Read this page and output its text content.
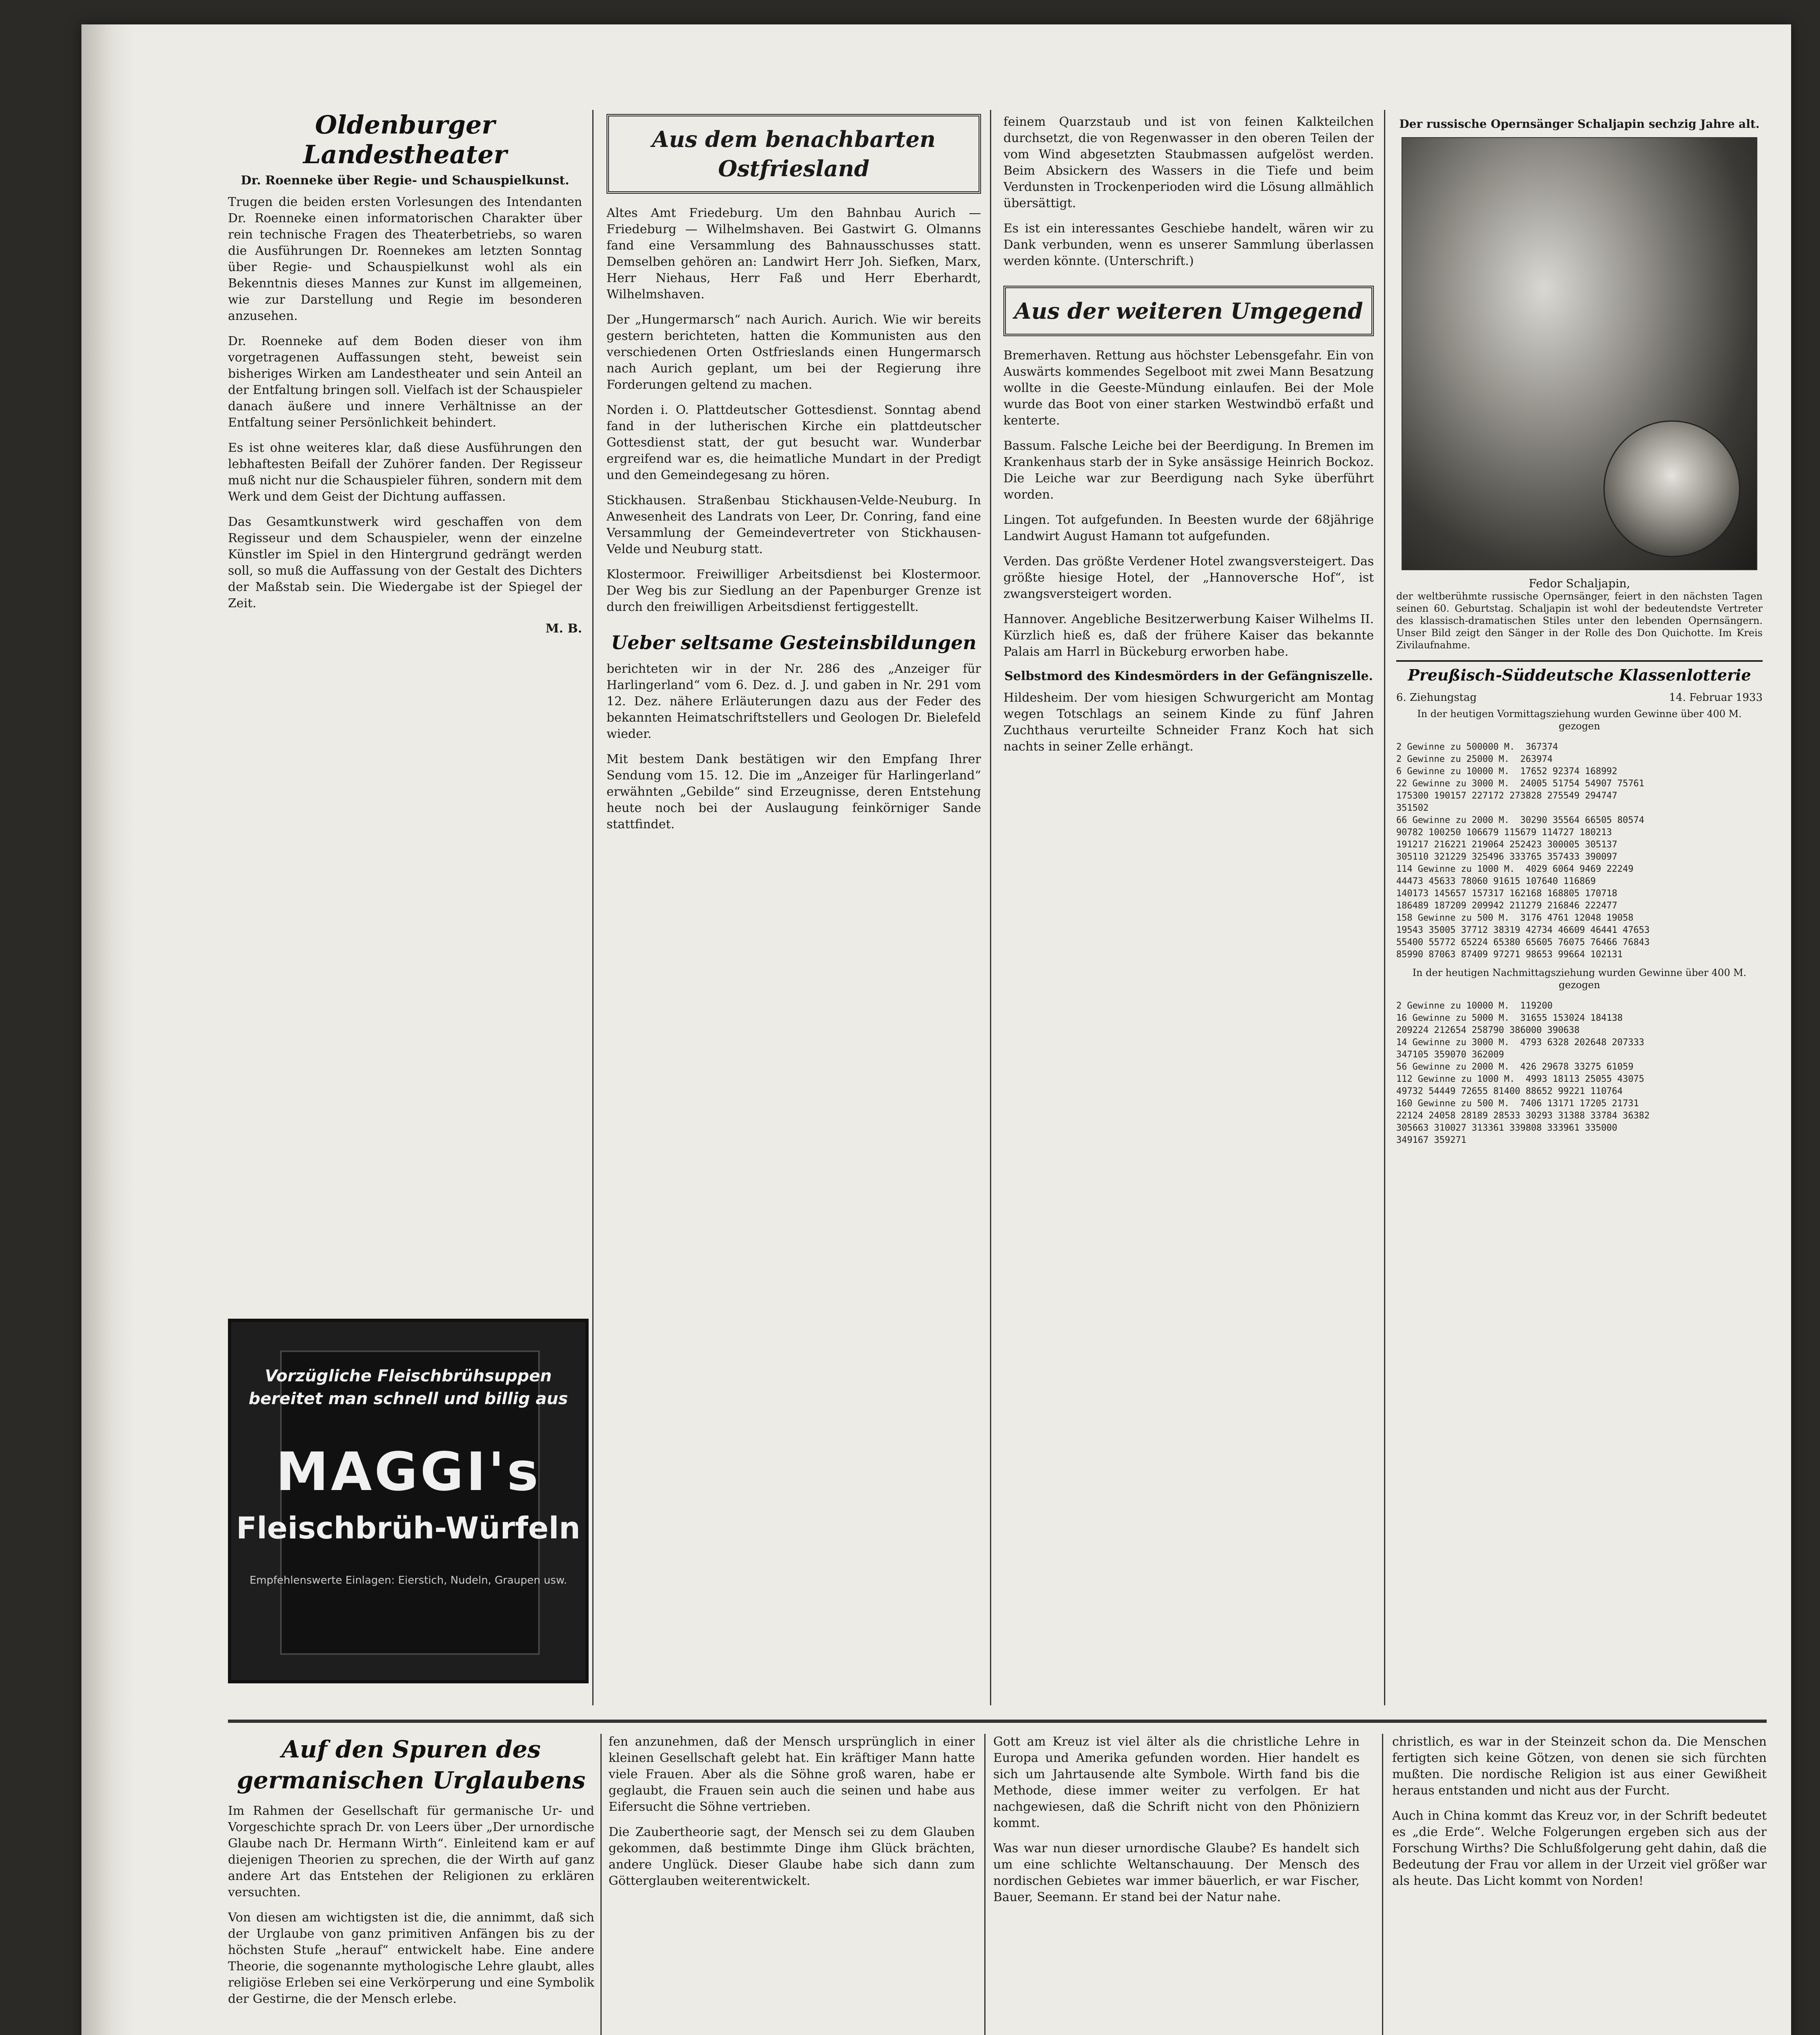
Oldenburger Landestheater
Dr. Roenneke über Regie- und Schauspielkunst.

Trugen die beiden ersten Vorlesungen des Intendanten Dr. Roenneke einen informatorischen Charakter über rein technische Fragen des Theaterbetriebs, so waren die Ausführungen Dr. Roennekes am letzten Sonntag über Regie- und Schauspielkunst wohl als ein Bekenntnis dieses Mannes zur Kunst im allgemeinen, wie zur Darstellung und Regie im besonderen anzusehen.

Dr. Roenneke auf dem Boden dieser von ihm vorgetragenen Auffassungen steht, beweist sein bisheriges Wirken am Landestheater und sein Anteil an der Entfaltung bringen soll. Vielfach ist der Schauspieler danach äußere und innere Verhältnisse an der Entfaltung seiner Persönlichkeit behindert.

Es ist ohne weiteres klar, daß diese Ausführungen den lebhaftesten Beifall der Zuhörer fanden. Der Regisseur muß nicht nur die Schauspieler führen, sondern mit dem Werk und dem Geist der Dichtung auffassen.

Das Gesamtkunstwerk wird geschaffen von dem Regisseur und dem Schauspieler, wenn der einzelne Künstler im Spiel in den Hintergrund gedrängt werden soll, so muß die Auffassung von der Gestalt des Dichters der Maßstab sein. Die Wiedergabe ist der Spiegel der Zeit.

M. B.

Vorzügliche Fleischbrühsuppen
bereitet man schnell und billig aus
MAGGI's
Fleischbrüh-Würfeln
Empfehlenswerte Einlagen: Eierstich, Nudeln, Graupen usw.
Aus dem benachbarten Ostfriesland

Altes Amt Friedeburg. Um den Bahnbau Aurich — Friedeburg — Wilhelmshaven. Bei Gastwirt G. Olmanns fand eine Versammlung des Bahnausschusses statt. Demselben gehören an: Landwirt Herr Joh. Siefken, Marx, Herr Niehaus, Herr Faß und Herr Eberhardt, Wilhelmshaven.

Der „Hungermarsch“ nach Aurich. Aurich. Wie wir bereits gestern berichteten, hatten die Kommunisten aus den verschiedenen Orten Ostfrieslands einen Hungermarsch nach Aurich geplant, um bei der Regierung ihre Forderungen geltend zu machen.

Norden i. O. Plattdeutscher Gottesdienst. Sonntag abend fand in der lutherischen Kirche ein plattdeutscher Gottesdienst statt, der gut besucht war. Wunderbar ergreifend war es, die heimatliche Mundart in der Predigt und den Gemeindegesang zu hören.

Stickhausen. Straßenbau Stickhausen-Velde-Neuburg. In Anwesenheit des Landrats von Leer, Dr. Conring, fand eine Versammlung der Gemeindevertreter von Stickhausen-Velde und Neuburg statt.

Klostermoor. Freiwilliger Arbeitsdienst bei Klostermoor. Der Weg bis zur Siedlung an der Papenburger Grenze ist durch den freiwilligen Arbeitsdienst fertiggestellt.

Ueber seltsame Gesteinsbildungen

berichteten wir in der Nr. 286 des „Anzeiger für Harlingerland“ vom 6. Dez. d. J. und gaben in Nr. 291 vom 12. Dez. nähere Erläuterungen dazu aus der Feder des bekannten Heimatschriftstellers und Geologen Dr. Bielefeld wieder.

Mit bestem Dank bestätigen wir den Empfang Ihrer Sendung vom 15. 12. Die im „Anzeiger für Harlingerland“ erwähnten „Gebilde“ sind Erzeugnisse, deren Entstehung heute noch bei der Auslaugung feinkörniger Sande stattfindet.

feinem Quarzstaub und ist von feinen Kalkteilchen durchsetzt, die von Regenwasser in den oberen Teilen der vom Wind abgesetzten Staubmassen aufgelöst werden. Beim Absickern des Wassers in die Tiefe und beim Verdunsten in Trockenperioden wird die Lösung allmählich übersättigt.

Es ist ein interessantes Geschiebe handelt, wären wir zu Dank verbunden, wenn es unserer Sammlung überlassen werden könnte. (Unterschrift.)

Aus der weiteren Umgegend

Bremerhaven. Rettung aus höchster Lebensgefahr. Ein von Auswärts kommendes Segelboot mit zwei Mann Besatzung wollte in die Geeste-Mündung einlaufen. Bei der Mole wurde das Boot von einer starken Westwindbö erfaßt und kenterte.

Bassum. Falsche Leiche bei der Beerdigung. In Bremen im Krankenhaus starb der in Syke ansässige Heinrich Bockoz. Die Leiche war zur Beerdigung nach Syke überführt worden.

Lingen. Tot aufgefunden. In Beesten wurde der 68jährige Landwirt August Hamann tot aufgefunden.

Verden. Das größte Verdener Hotel zwangsversteigert. Das größte hiesige Hotel, der „Hannoversche Hof“, ist zwangsversteigert worden.

Hannover. Angebliche Besitzerwerbung Kaiser Wilhelms II. Kürzlich hieß es, daß der frühere Kaiser das bekannte Palais am Harrl in Bückeburg erworben habe.

Selbstmord des Kindesmörders in der Gefängniszelle.

Hildesheim. Der vom hiesigen Schwurgericht am Montag wegen Totschlags an seinem Kinde zu fünf Jahren Zuchthaus verurteilte Schneider Franz Koch hat sich nachts in seiner Zelle erhängt.

Der russische Opernsänger Schaljapin sechzig Jahre alt.
Fedor Schaljapin,

der weltberühmte russische Opernsänger, feiert in den nächsten Tagen seinen 60. Geburtstag. Schaljapin ist wohl der bedeutendste Vertreter des klassisch-dramatischen Stiles unter den lebenden Opernsängern. Unser Bild zeigt den Sänger in der Rolle des Don Quichotte. Im Kreis Zivilaufnahme.

Preußisch-Süddeutsche Klassenlotterie
6. Ziehungstag	14. Februar 1933

In der heutigen Vormittagsziehung wurden Gewinne über 400 M. gezogen

2 Gewinne zu 500000 M.  367374
2 Gewinne zu 25000 M.  263974
6 Gewinne zu 10000 M.  17652 92374 168992
22 Gewinne zu 3000 M.  24005 51754 54907 75761
175300 190157 227172 273828 275549 294747
351502
66 Gewinne zu 2000 M.  30290 35564 66505 80574
90782 100250 106679 115679 114727 180213
191217 216221 219064 252423 300005 305137
305110 321229 325496 333765 357433 390097
114 Gewinne zu 1000 M.  4029 6064 9469 22249
44473 45633 78060 91615 107640 116869
140173 145657 157317 162168 168805 170718
186489 187209 209942 211279 216846 222477
158 Gewinne zu 500 M.  3176 4761 12048 19058
19543 35005 37712 38319 42734 46609 46441 47653
55400 55772 65224 65380 65605 76075 76466 76843
85990 87063 87409 97271 98653 99664 102131

In der heutigen Nachmittagsziehung wurden Gewinne über 400 M. gezogen

2 Gewinne zu 10000 M.  119200
16 Gewinne zu 5000 M.  31655 153024 184138
209224 212654 258790 386000 390638
14 Gewinne zu 3000 M.  4793 6328 202648 207333
347105 359070 362009
56 Gewinne zu 2000 M.  426 29678 33275 61059
112 Gewinne zu 1000 M.  4993 18113 25055 43075
49732 54449 72655 81400 88652 99221 110764
160 Gewinne zu 500 M.  7406 13171 17205 21731
22124 24058 28189 28533 30293 31388 33784 36382
305663 310027 313361 339808 333961 335000
349167 359271
Auf den Spuren des germanischen Urglaubens

Im Rahmen der Gesellschaft für germanische Ur- und Vorgeschichte sprach Dr. von Leers über „Der urnordische Glaube nach Dr. Hermann Wirth“. Einleitend kam er auf diejenigen Theorien zu sprechen, die der Wirth auf ganz andere Art das Entstehen der Religionen zu erklären versuchten.

Von diesen am wichtigsten ist die, die annimmt, daß sich der Urglaube von ganz primitiven Anfängen bis zu der höchsten Stufe „herauf“ entwickelt habe. Eine andere Theorie, die sogenannte mythologische Lehre glaubt, alles religiöse Erleben sei eine Verkörperung und eine Symbolik der Gestirne, die der Mensch erlebe.

fen anzunehmen, daß der Mensch ursprünglich in einer kleinen Gesellschaft gelebt hat. Ein kräftiger Mann hatte viele Frauen. Aber als die Söhne groß waren, habe er geglaubt, die Frauen sein auch die seinen und habe aus Eifersucht die Söhne vertrieben.

Die Zaubertheorie sagt, der Mensch sei zu dem Glauben gekommen, daß bestimmte Dinge ihm Glück brächten, andere Unglück. Dieser Glaube habe sich dann zum Götterglauben weiterentwickelt.

Gott am Kreuz ist viel älter als die christliche Lehre in Europa und Amerika gefunden worden. Hier handelt es sich um Jahrtausende alte Symbole. Wirth fand bis die Methode, diese immer weiter zu verfolgen. Er hat nachgewiesen, daß die Schrift nicht von den Phöniziern kommt.

Was war nun dieser urnordische Glaube? Es handelt sich um eine schlichte Weltanschauung. Der Mensch des nordischen Gebietes war immer bäuerlich, er war Fischer, Bauer, Seemann. Er stand bei der Natur nahe.

christlich, es war in der Steinzeit schon da. Die Menschen fertigten sich keine Götzen, von denen sie sich fürchten mußten. Die nordische Religion ist aus einer Gewißheit heraus entstanden und nicht aus der Furcht.

Auch in China kommt das Kreuz vor, in der Schrift bedeutet es „die Erde“. Welche Folgerungen ergeben sich aus der Forschung Wirths? Die Schlußfolgerung geht dahin, daß die Bedeutung der Frau vor allem in der Urzeit viel größer war als heute. Das Licht kommt von Norden!
